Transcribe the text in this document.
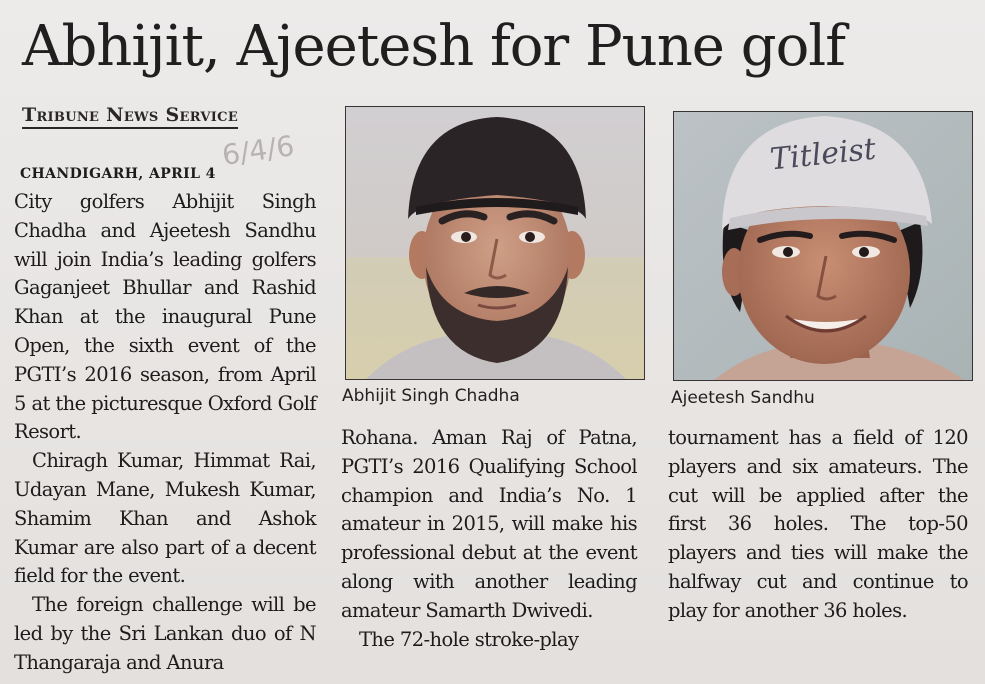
Abhijit, Ajeetesh for Pune golf
Tribune News Service
6/4/6
CHANDIGARH, APRIL 4

City golfers Abhijit Singh Chadha and Ajeetesh Sandhu will join India’s leading golfers Gaganjeet Bhullar and Rashid Khan at the inaugural Pune Open, the sixth event of the PGTI’s 2016 season, from April 5 at the picturesque Oxford Golf Resort.

Chiragh Kumar, Himmat Rai, Udayan Mane, Mukesh Kumar, Shamim Khan and Ashok Kumar are also part of a decent field for the event.

The foreign challenge will be led by the Sri Lankan duo of N Thangaraja and Anura

Abhijit Singh Chadha
Titleist
Ajeetesh Sandhu

Rohana. Aman Raj of Patna, PGTI’s 2016 Qualifying School champion and India’s No. 1 amateur in 2015, will make his professional debut at the event along with another leading amateur Samarth Dwivedi.

The 72-hole stroke-play

tournament has a field of 120 players and six amateurs. The cut will be applied after the first 36 holes. The top-50 players and ties will make the halfway cut and continue to play for another 36 holes.
